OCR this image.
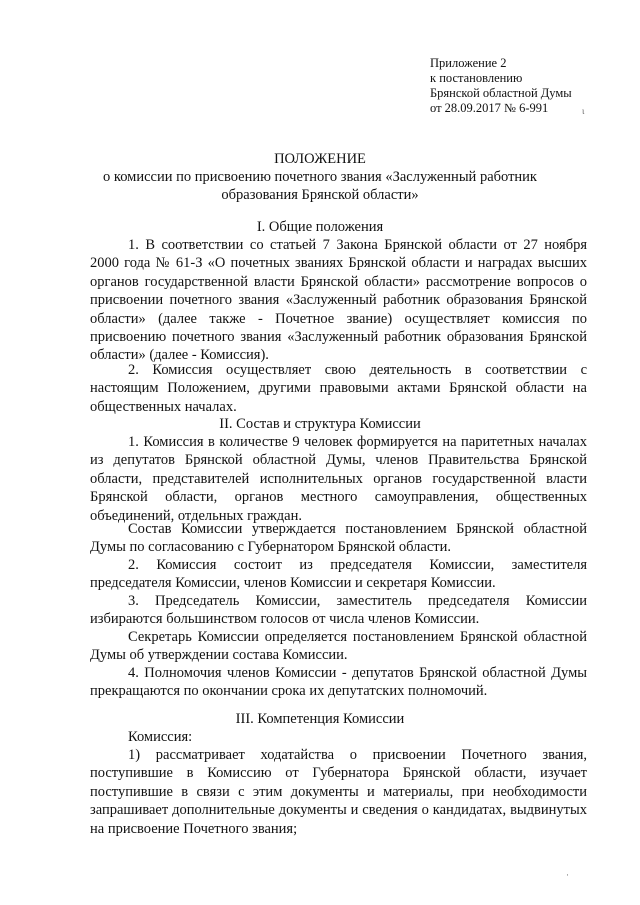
Приложение 2
к постановлению
Брянской областной Думы
от 28.09.2017 № 6-991	ι
ПОЛОЖЕНИЕ
о комиссии по присвоению почетного звания «Заслуженный работник
образования Брянской области»
I. Общие положения
1. В соответствии со статьей 7 Закона Брянской области от 27 ноября 2000 года № 61-З «О почетных званиях Брянской области и наградах высших органов государственной власти Брянской области» рассмотрение вопросов о присвоении почетного звания «Заслуженный работник образования Брянской области» (далее также - Почетное звание) осуществляет комиссия по присвоению почетного звания «Заслуженный работник образования Брянской области» (далее - Комиссия).
2. Комиссия осуществляет свою деятельность в соответствии с настоящим Положением, другими правовыми актами Брянской области на общественных началах.
II. Состав и структура Комиссии
1. Комиссия в количестве 9 человек формируется на паритетных началах из депутатов Брянской областной Думы, членов Правительства Брянской области, представителей исполнительных органов государственной власти Брянской области, органов местного самоуправления, общественных объединений, отдельных граждан.
Состав Комиссии утверждается постановлением Брянской областной Думы по согласованию с Губернатором Брянской области.
2. Комиссия состоит из председателя Комиссии, заместителя председателя Комиссии, членов Комиссии и секретаря Комиссии.
3. Председатель Комиссии, заместитель председателя Комиссии избираются большинством голосов от числа членов Комиссии.
Секретарь Комиссии определяется постановлением Брянской областной Думы об утверждении состава Комиссии.
4. Полномочия членов Комиссии - депутатов Брянской областной Думы прекращаются по окончании срока их депутатских полномочий.
III. Компетенция Комиссии
Комиссия:
1) рассматривает ходатайства о присвоении Почетного звания, поступившие в Комиссию от Губернатора Брянской области, изучает поступившие в связи с этим документы и материалы, при необходимости запрашивает дополнительные документы и сведения о кандидатах, выдвинутых на присвоение Почетного звания;
·
